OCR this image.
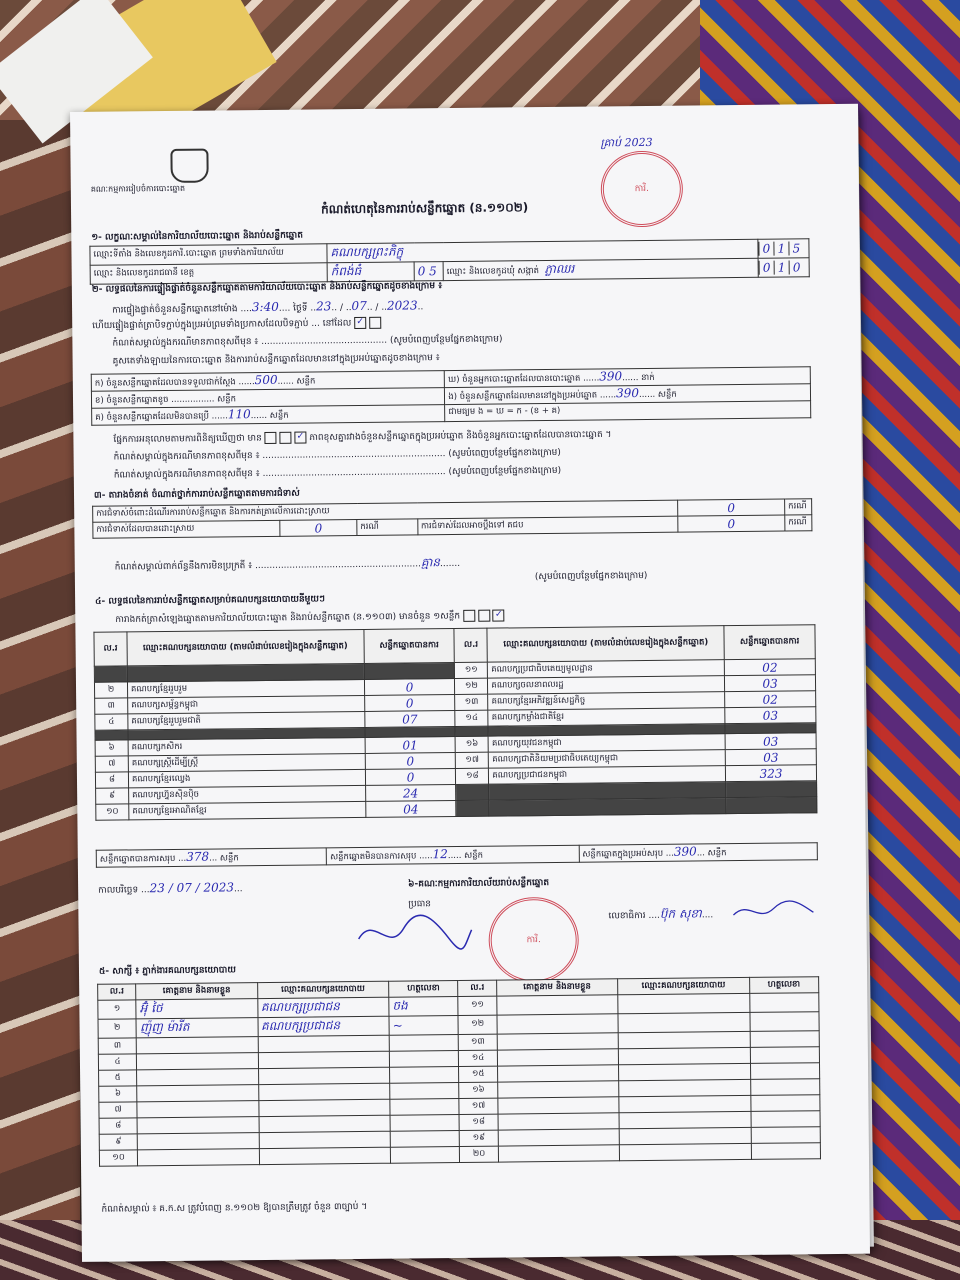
គណៈកម្មការរៀបចំការបោះឆ្នោត
កំណត់ហេតុនៃការរាប់សន្លឹកឆ្នោត (ន.១១០២)
គ្រាប់ 2023
ការិ.
១- លក្ខណៈសម្គាល់នៃការិយាល័យបោះឆ្នោត និងរាប់សន្លឹកឆ្នោត
ឈ្មោះទីតាំង និងលេខកូដការិ.បោះឆ្នោត ព្រមទាំងការិយាល័យ	គណបក្សព្រះភិក្ខុ			0 1 5
ឈ្មោះ និងលេខកូដរាជធានី ខេត្ត	កំពង់ធំ	0 5	ឈ្មោះ និងលេខកូដឃុំ សង្កាត់ ភ្លាឈរ	0 1 0
២- លទ្ធផលនៃការផ្ទៀងផ្ទាត់ចំនួនសន្លឹកឆ្នោតតាមការិយាល័យបោះឆ្នោត និងរាប់សន្លឹកឆ្នោតដូចខាងក្រោម ៖
ការផ្ទៀងផ្ទាត់ចំនួនសន្លឹកឆ្នោតនៅម៉ោង ....3:40.... ថ្ងៃទី ..23.. / ..07.. / ..2023..
ហើយផ្ទៀងផ្ទាត់ត្រាបិទភ្ជាប់ក្នុងប្រអប់ព្រមទាំងប្រកាសដែលបិទភ្ជាប់ ... នៅដែល ✓
កំណត់សម្គាល់ក្នុងករណីមានភាពខុសពីមុន ៖ ............................................ (សូមបំពេញបន្ថែមផ្នែកខាងក្រោម)
គូសតេទាំងឡាយនៃការបោះឆ្នោត និងការរាប់សន្លឹកឆ្នោតដែលមាននៅក្នុងប្រអប់ឆ្នោតដូចខាងក្រោម ៖
ក) ចំនួនសន្លឹកឆ្នោតដែលបានទទួលជាក់ស្តែង ......500...... សន្លឹក	ឃ) ចំនួនអ្នកបោះឆ្នោតដែលបានបោះឆ្នោត ......390...... នាក់
ខ) ចំនួនសន្លឹកឆ្នោតខូច ................ សន្លឹក	ង) ចំនួនសន្លឹកឆ្នោតដែលមាននៅក្នុងប្រអប់ឆ្នោត ......390...... សន្លឹក
គ) ចំនួនសន្លឹកឆ្នោតដែលមិនបានប្រើ ......110...... សន្លឹក	ជាមធ្យម ង = ឃ = ក - (ខ + គ)
ផ្នែកការអនុលោមតាមការពិនិត្យឃើញថា មាន	✓ ភាពខុសគ្នារវាងចំនួនសន្លឹកឆ្នោតក្នុងប្រអប់ឆ្នោត និងចំនួនអ្នកបោះឆ្នោតដែលបានបោះឆ្នោត ។
កំណត់សម្គាល់ក្នុងករណីមានភាពខុសពីមុន ៖ ................................................................ (សូមបំពេញបន្ថែមផ្នែកខាងក្រោម)
កំណត់សម្គាល់ក្នុងករណីមានភាពខុសពីមុន ៖ ................................................................ (សូមបំពេញបន្ថែមផ្នែកខាងក្រោម)
៣- តារាងចំនាត់ ចំណាត់ថ្នាក់ការរាប់សន្លឹកឆ្នោតតាមការជំទាស់
ការជំទាស់ចំពោះដំណើរការរាប់សន្លឹកឆ្នោត និងការកត់ត្រាលើការដោះស្រាយ				0	ករណី
ការជំទាស់ដែលបានដោះស្រាយ	0	ករណី	ការជំទាស់ដែលអាចប្តឹងទៅ គជប	0	ករណី
កំណត់សម្គាល់ពាក់ព័ន្ធនឹងការមិនប្រក្រតី ៖ ..........................................................គ្មាន.......
(សូមបំពេញបន្ថែមផ្នែកខាងក្រោម)
៤- លទ្ធផលនៃការរាប់សន្លឹកឆ្នោតសម្រាប់គណបក្សនយោបាយនីមួយៗ
ការាងកត់ត្រាសំឡេងឆ្នោតតាមការិយាល័យបោះឆ្នោត និងរាប់សន្លឹកឆ្នោត (ន.១១០៣) មានចំនួន ១សន្លឹក	✓
ល.រ	ឈ្មោះគណបក្សនយោបាយ (តាមលំដាប់លេខរៀងក្នុងសន្លឹកឆ្នោត)	សន្លឹកឆ្នោតបានការ	ល.រ	ឈ្មោះគណបក្សនយោបាយ (តាមលំដាប់លេខរៀងក្នុងសន្លឹកឆ្នោត)	សន្លឹកឆ្នោតបានការ
			១១	គណបក្សប្រជាធិបតេយ្យមូលដ្ឋាន	02
២	គណបក្សខ្មែររួបរួម	0	១២	គណបក្សចលនាពលរដ្ឋ	03
៣	គណបក្សសម្ព័ន្ធកម្ពុជា	0	១៣	គណបក្សខ្មែរអភិវឌ្ឍន៍សេដ្ឋកិច្ច	02
៤	គណបក្សខ្មែររួបរួមជាតិ	07	១៤	គណបក្សកម្លាំងជាតិខ្មែរ	03

៦	គណបក្សកសិករ	01	១៦	គណបក្សយុវជនកម្ពុជា	03
៧	គណបក្សស្ត្រីដើម្បីស្ត្រី	0	១៧	គណបក្សជាតិនិយមប្រជាធិបតេយ្យកម្ពុជា	03
៨	គណបក្សខ្មែរឈ្វេង	0	១៨	គណបក្សប្រជាជនកម្ពុជា	323
៩	គណបក្សហ្វ៊ុនស៊ិនប៉ិច	24			
១០	គណបក្សខ្មែរអាណិតខ្មែរ	04			
សន្លឹកឆ្នោតបានការសរុប ...378... សន្លឹក	សន្លឹកឆ្នោតមិនបានការសរុប .....12..... សន្លឹក	សន្លឹកឆ្នោតក្នុងប្រអប់សរុប ...390... សន្លឹក
កាលបរិច្ឆេទ ...23 / 07 / 2023...	៦-គណៈកម្មការការិយាល័យរាប់សន្លឹកឆ្នោត
ប្រធាន
លេខាធិការ ....ប៊ុក សុខា....
ការិ.
៥- សាក្សី ៖ ភ្នាក់ងារគណបក្សនយោបាយ
ល.រ	គោត្តនាម និងនាមខ្លួន	ឈ្មោះគណបក្សនយោបាយ	ហត្ថលេខា	ល.រ	គោត្តនាម និងនាមខ្លួន	ឈ្មោះគណបក្សនយោបាយ	ហត្ថលេខា
១	អ៊ុំ ថៃ	គណបក្សប្រជាជន	ចង	១១			
២	ញ៉ុញ ម៉ារីត	គណបក្សប្រជាជន	~	១២			
៣				១៣			
៤				១៤			
៥				១៥			
៦				១៦			
៧				១៧			
៨				១៨			
៩				១៩			
១០				២០			
កំណត់សម្គាល់ ៖ គ.ក.ស ត្រូវបំពេញ ន.១១០២ ឱ្យបានត្រឹមត្រូវ ចំនួន ៣ច្បាប់ ។
